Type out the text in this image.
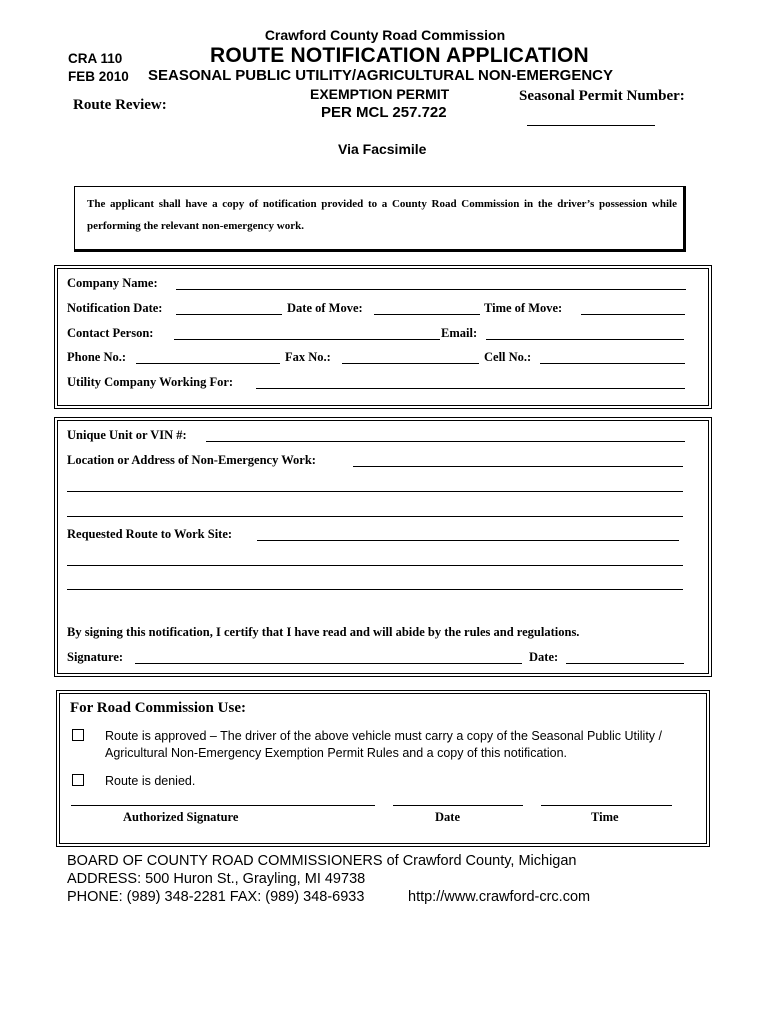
Crawford County Road Commission
CRA 110
FEB 2010
ROUTE NOTIFICATION APPLICATION
SEASONAL PUBLIC UTILITY/AGRICULTURAL NON-EMERGENCY
EXEMPTION PERMIT
PER MCL 257.722
Route Review:
Seasonal Permit Number:
Via Facsimile
The applicant shall have a copy of notification provided to a County Road Commission in the driver’s possession while performing the relevant non-emergency work.
Company Name:
Notification Date:	Date of Move:	Time of Move:
Contact Person:	Email:
Phone No.:	Fax No.:	Cell No.:
Utility Company Working For:
Unique Unit or VIN #:
Location or Address of Non-Emergency Work:
Requested Route to Work Site:
By signing this notification, I certify that I have read and will abide by the rules and regulations.
Signature:	Date:
For Road Commission Use:
Route is approved – The driver of the above vehicle must carry a copy of the Seasonal Public Utility /
Agricultural Non-Emergency Exemption Permit Rules and a copy of this notification.
Route is denied.
Authorized Signature	Date	Time
BOARD OF COUNTY ROAD COMMISSIONERS of Crawford County, Michigan
ADDRESS: 500 Huron St., Grayling, MI 49738
PHONE: (989) 348-2281 FAX: (989) 348-6933	http://www.crawford-crc.com
